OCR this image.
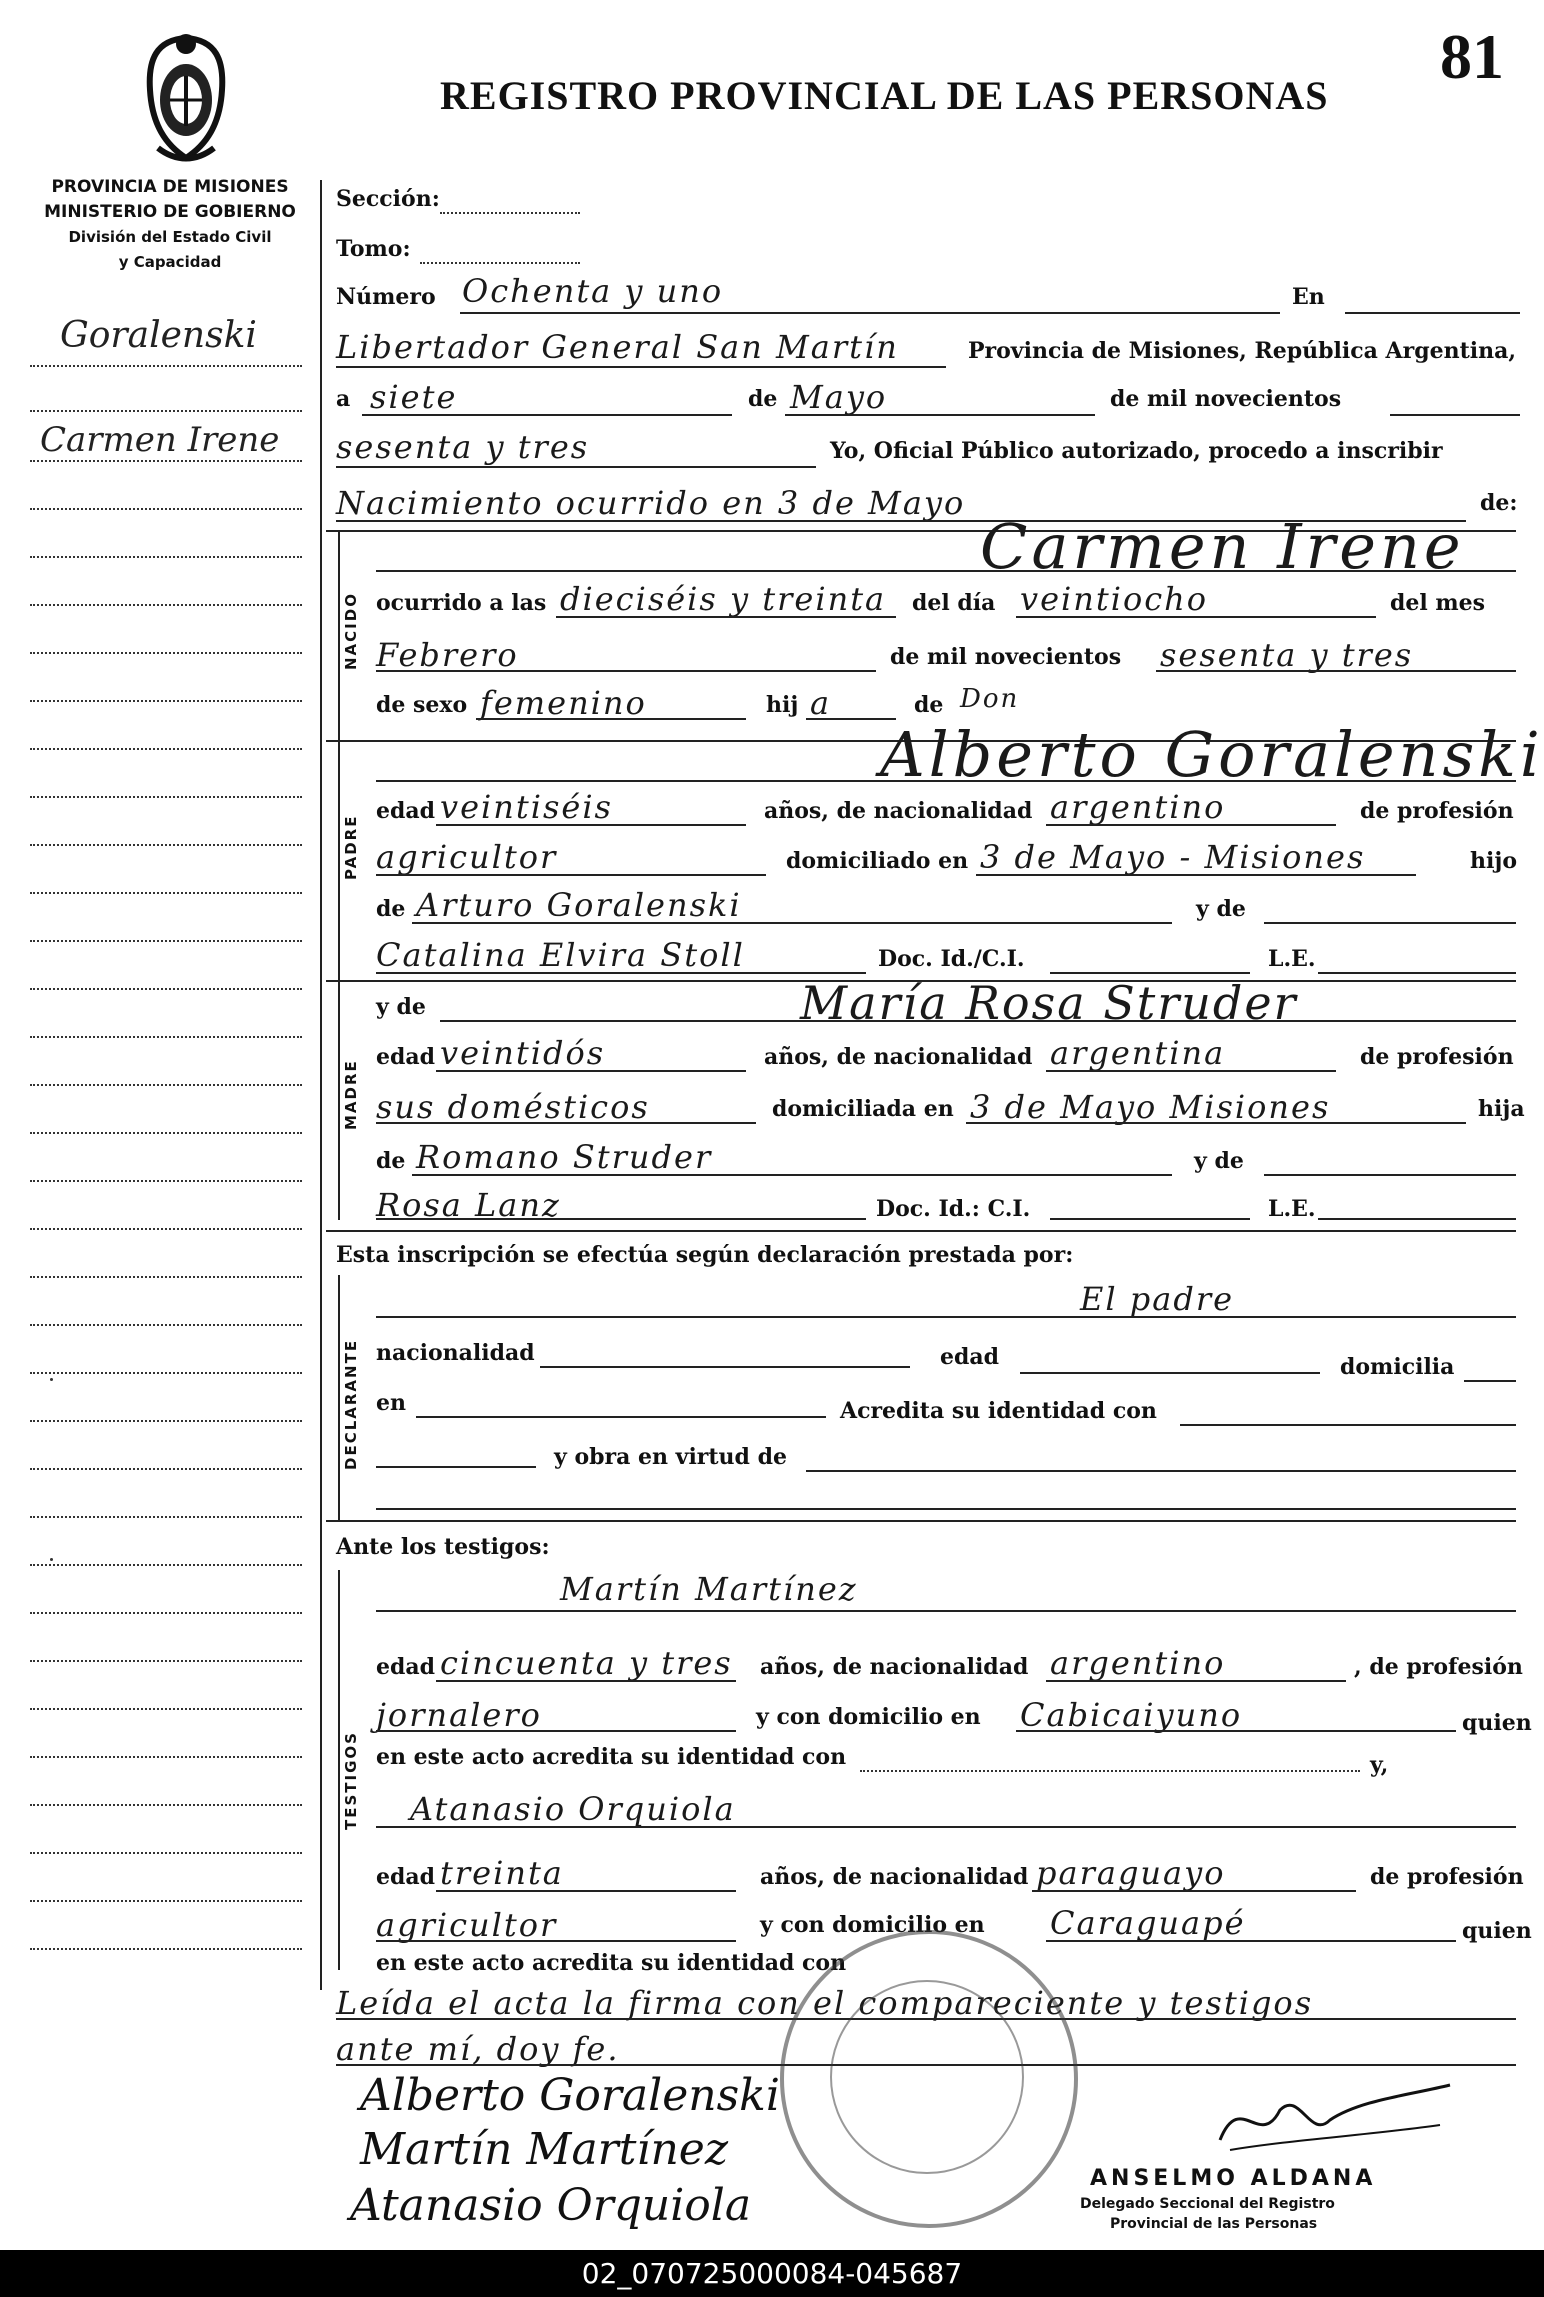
81
REGISTRO PROVINCIAL DE LAS PERSONAS
PROVINCIA DE MISIONES
MINISTERIO DE GOBIERNO
División del Estado Civil
y Capacidad
Goralenski
Carmen Irene
Sección:
Tomo:
Número Ochenta y uno	En
Libertador General San Martín	Provincia de Misiones, República Argentina,
a siete	de Mayo	de mil novecientos
sesenta y tres	Yo, Oficial Público autorizado, procedo a inscribir
Nacimiento ocurrido en 3 de Mayo	de:
NACIDO
Carmen Irene
ocurrido a las dieciséis y treinta del día veintiocho	del mes
Febrero	de mil novecientos sesenta y tres
de sexo femenino	hij a	de Don
PADRE
Alberto Goralenski
edad veintiséis	años, de nacionalidad argentino	de profesión
agricultor	domiciliado en 3 de Mayo - Misiones	hijo
de Arturo Goralenski	y de
Catalina Elvira Stoll	Doc. Id./C.I.	L.E.
MADRE
y de	María Rosa Struder
edad veintidós	años, de nacionalidad argentina	de profesión
sus domésticos	domiciliada en 3 de Mayo Misiones	hija
de Romano Struder	y de
Rosa Lanz	Doc. Id.: C.I.	L.E.
Esta inscripción se efectúa según declaración prestada por:
DECLARANTE
El padre
nacionalidad	edad	domicilia
en	Acredita su identidad con
y obra en virtud de
Ante los testigos:
TESTIGOS
Martín Martínez
edad cincuenta y tres años, de nacionalidad argentino	, de profesión
jornalero	y con domicilio en Cabicaiyuno	quien
en este acto acredita su identidad con	y,
Atanasio Orquiola
edad treinta	años, de nacionalidad paraguayo	de profesión
agricultor	y con domicilio en Caraguapé	quien
en este acto acredita su identidad con
Leída el acta la firma con el compareciente y testigos
ante mí, doy fe.
Alberto Goralenski
Martín Martínez
Atanasio Orquiola
ANSELMO ALDANA
Delegado Seccional del Registro
Provincial de las Personas
02_070725000084-045687
